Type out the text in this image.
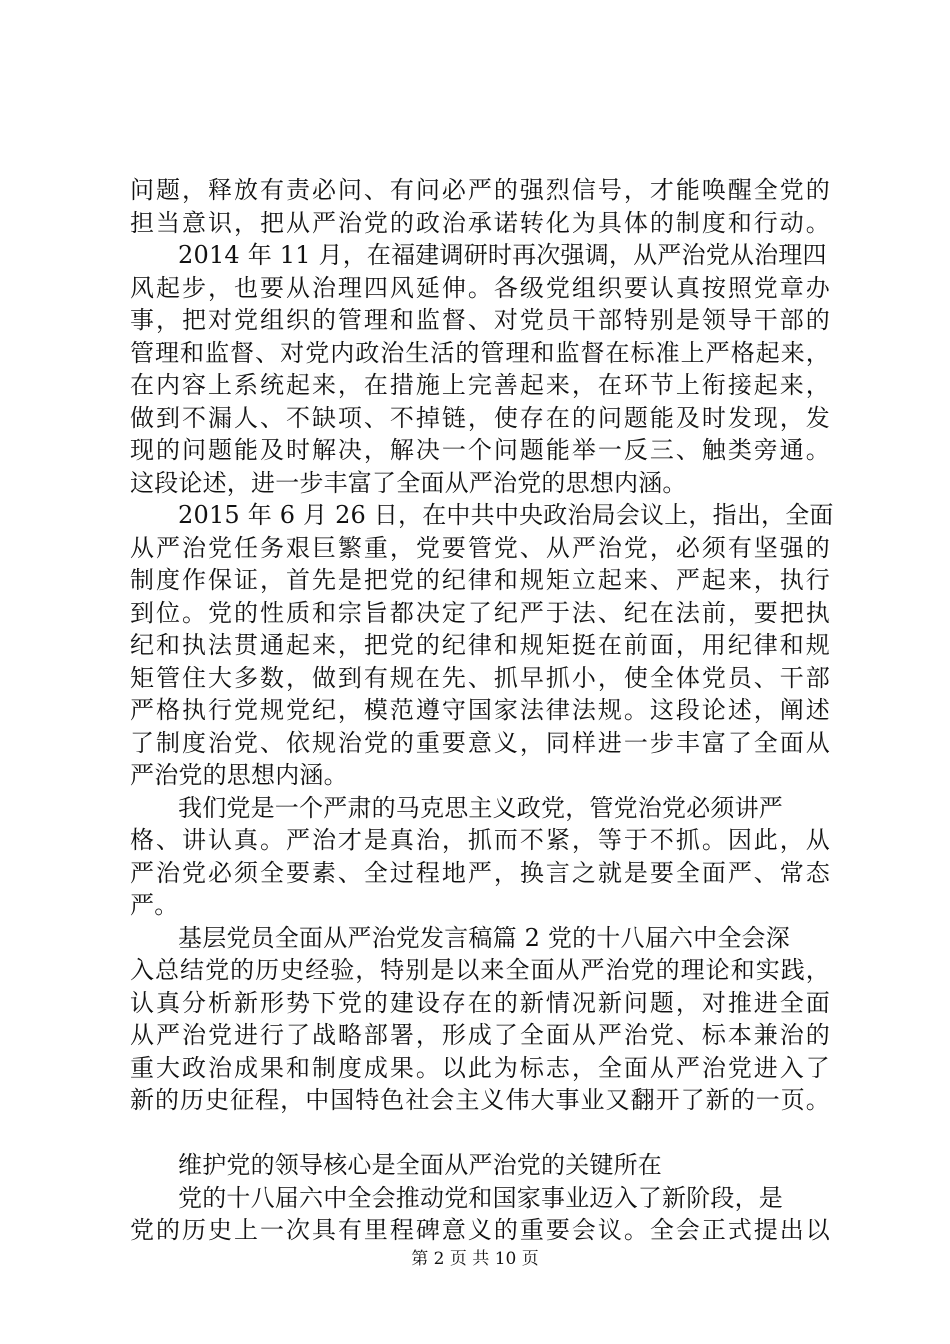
问题，释放有责必问、有问必严的强烈信号，才能唤醒全党的
担当意识，把从严治党的政治承诺转化为具体的制度和行动。
2014 年 11 月，在福建调研时再次强调，从严治党从治理四
风起步，也要从治理四风延伸。各级党组织要认真按照党章办
事，把对党组织的管理和监督、对党员干部特别是领导干部的
管理和监督、对党内政治生活的管理和监督在标准上严格起来，
在内容上系统起来，在措施上完善起来，在环节上衔接起来，
做到不漏人、不缺项、不掉链，使存在的问题能及时发现，发
现的问题能及时解决，解决一个问题能举一反三、触类旁通。
这段论述，进一步丰富了全面从严治党的思想内涵。
2015 年 6 月 26 日，在中共中央政治局会议上，指出，全面
从严治党任务艰巨繁重，党要管党、从严治党，必须有坚强的
制度作保证，首先是把党的纪律和规矩立起来、严起来，执行
到位。党的性质和宗旨都决定了纪严于法、纪在法前，要把执
纪和执法贯通起来，把党的纪律和规矩挺在前面，用纪律和规
矩管住大多数，做到有规在先、抓早抓小，使全体党员、干部
严格执行党规党纪，模范遵守国家法律法规。这段论述，阐述
了制度治党、依规治党的重要意义，同样进一步丰富了全面从
严治党的思想内涵。
我们党是一个严肃的马克思主义政党，管党治党必须讲严
格、讲认真。严治才是真治，抓而不紧，等于不抓。因此，从
严治党必须全要素、全过程地严，换言之就是要全面严、常态
严。
基层党员全面从严治党发言稿篇 2 党的十八届六中全会深
入总结党的历史经验，特别是以来全面从严治党的理论和实践，
认真分析新形势下党的建设存在的新情况新问题，对推进全面
从严治党进行了战略部署，形成了全面从严治党、标本兼治的
重大政治成果和制度成果。以此为标志，全面从严治党进入了
新的历史征程，中国特色社会主义伟大事业又翻开了新的一页。
维护党的领导核心是全面从严治党的关键所在
党的十八届六中全会推动党和国家事业迈入了新阶段，是
党的历史上一次具有里程碑意义的重要会议。全会正式提出以
第 2 页 共 10 页
